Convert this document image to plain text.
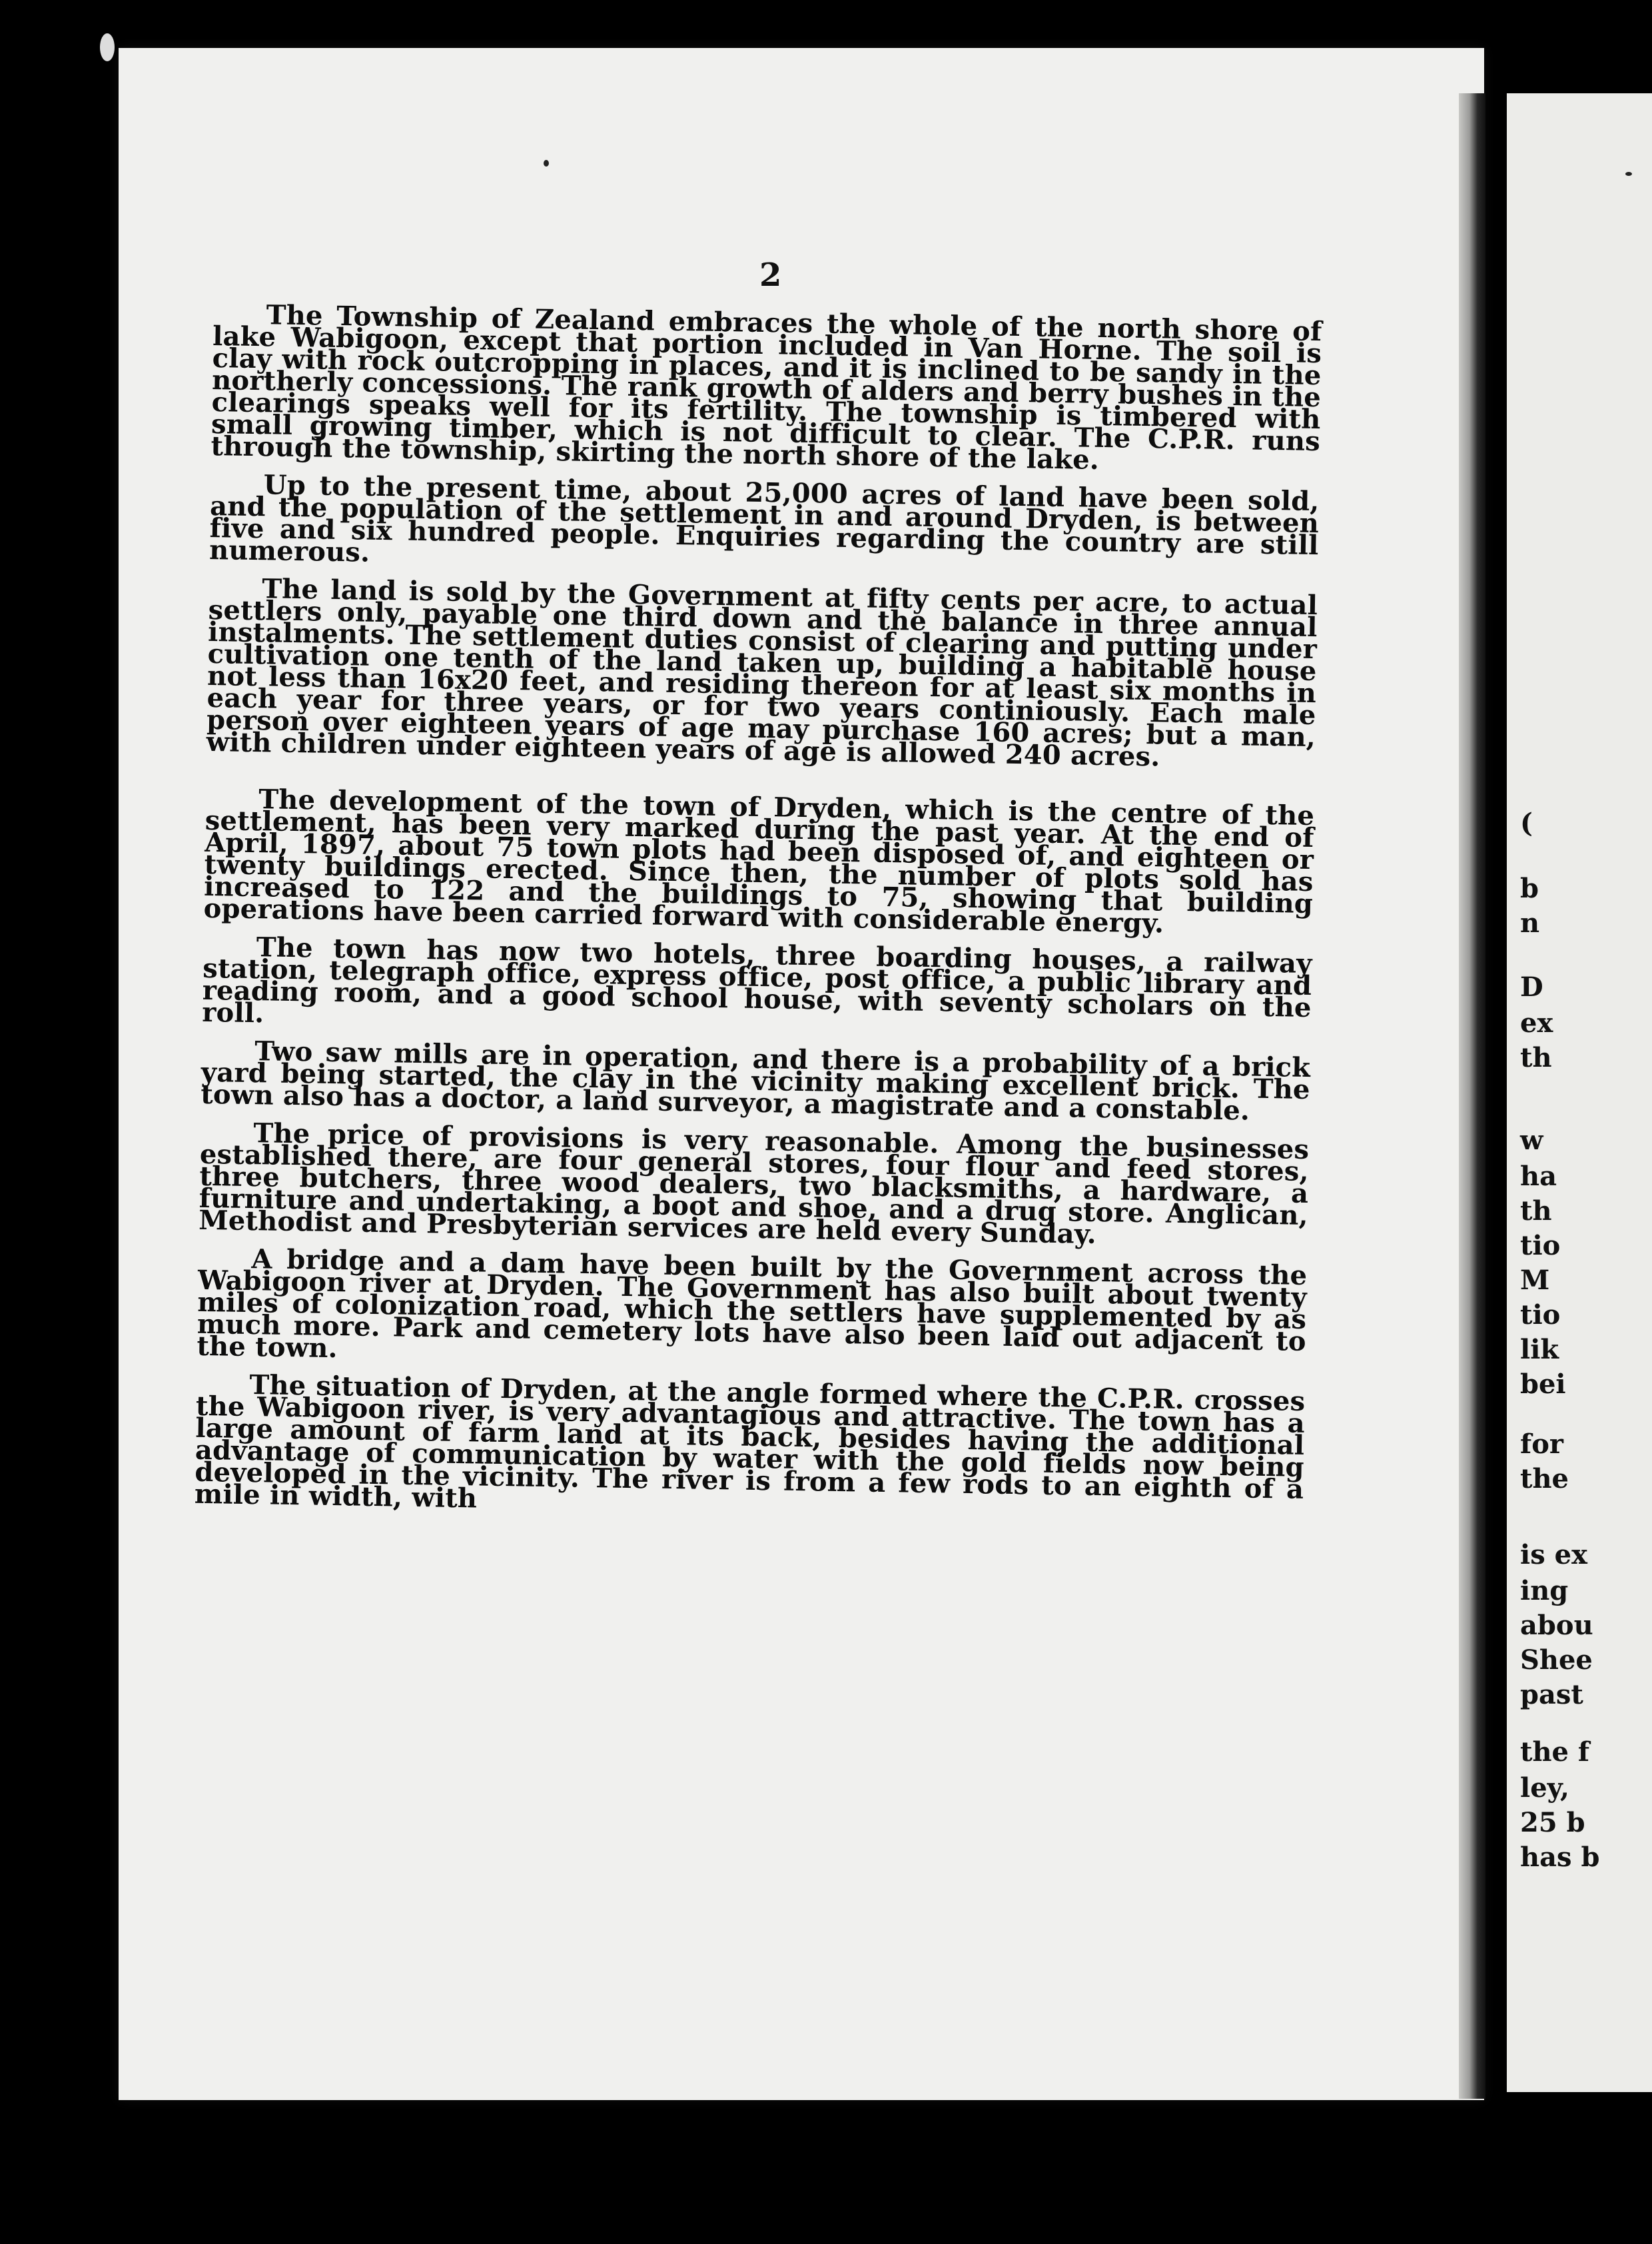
(
b
n
D
ex
th
w
ha
th
tio
M
tio
lik
bei
for
the
is ex
ing
abou
Shee
past
the f
ley,
25 b
has b
2

The Township of Zealand embraces the whole of the north shore of lake Wabigoon, except that portion included in Van Horne. The soil is clay with rock outcropping in places, and it is inclined to be sandy in the northerly concessions. The rank growth of alders and berry bushes in the clearings speaks well for its fertility. The township is timbered with small growing timber, which is not difficult to clear. The C.P.R. runs through the township, skirting the north shore of the lake.

Up to the present time, about 25,000 acres of land have been sold, and the population of the settlement in and around Dryden, is between five and six hundred people. Enquiries regarding the country are still numerous.

The land is sold by the Government at fifty cents per acre, to actual settlers only, payable one third down and the balance in three annual instalments. The settlement duties consist of clearing and putting under cultivation one tenth of the land taken up, building a habitable house not less than 16x20 feet, and residing thereon for at least six months in each year for three years, or for two years continiously. Each male person over eighteen years of age may purchase 160 acres; but a man, with children under eighteen years of age is allowed 240 acres.

The development of the town of Dryden, which is the centre of the settlement, has been very marked during the past year. At the end of April, 1897, about 75 town plots had been disposed of, and eighteen or twenty buildings erected. Since then, the number of plots sold has increased to 122 and the buildings to 75, showing that building operations have been carried forward with considerable energy.

The town has now two hotels, three boarding houses, a railway station, telegraph office, express office, post office, a public library and reading room, and a good school house, with seventy scholars on the roll.

Two saw mills are in operation, and there is a probability of a brick yard being started, the clay in the vicinity making excellent brick. The town also has a doctor, a land surveyor, a magistrate and a constable.

The price of provisions is very reasonable. Among the businesses established there, are four general stores, four flour and feed stores, three butchers, three wood dealers, two blacksmiths, a hardware, a furniture and undertaking, a boot and shoe, and a drug store. Anglican, Methodist and Presbyterian services are held every Sunday.

A bridge and a dam have been built by the Government across the Wabigoon river at Dryden. The Government has also built about twenty miles of colonization road, which the settlers have supplemented by as much more. Park and cemetery lots have also been laid out adjacent to the town.

The situation of Dryden, at the angle formed where the C.P.R. crosses the Wabigoon river, is very advantagious and attractive. The town has a large amount of farm land at its back, besides having the additional advantage of communication by water with the gold fields now being developed in the vicinity. The river is from a few rods to an eighth of a mile in width, with
